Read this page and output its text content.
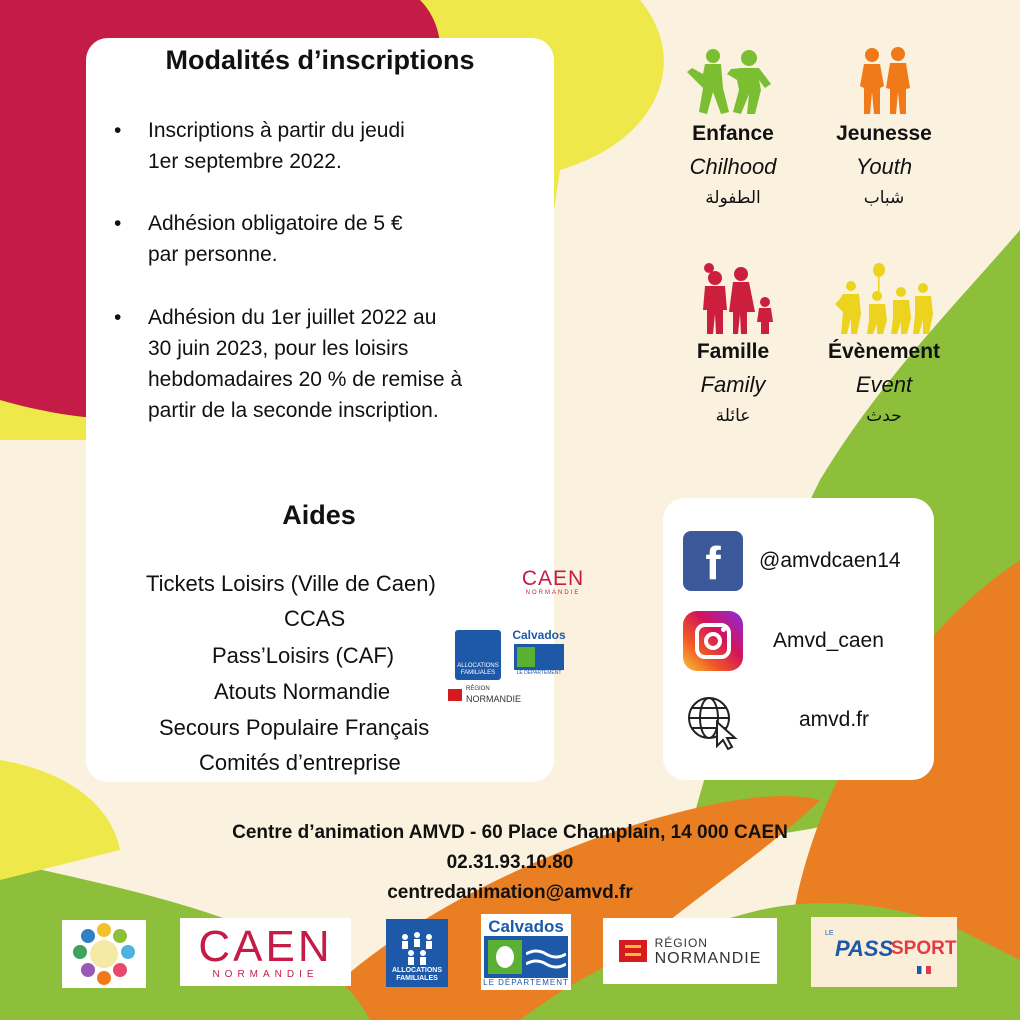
Modalités d’inscriptions
• Inscriptions à partir du jeudi
1er septembre 2022.
• Adhésion obligatoire de 5 €
par personne.
• Adhésion du 1er juillet 2022 au
30 juin 2023, pour les loisirs
hebdomadaires 20 % de remise à
partir de la seconde inscription.
Aides
Tickets Loisirs (Ville de Caen)
CCAS
Pass’Loisirs (CAF)
Atouts Normandie
Secours Populaire Français
Comités d’entreprise
CAEN
NORMANDIE
ALLOCATIONS FAMILIALES
Calvados
LE DÉPARTEMENT
RÉGION
NORMANDIE
Enfance
Chilhood
الطفولة
Jeunesse
Youth
شباب
Famille
Family
عائلة
Évènement
Event
حدث
f	@amvdcaen14
Amvd_caen
amvd.fr
Centre d’animation AMVD - 60 Place Champlain, 14 000 CAEN
02.31.93.10.80
centredanimation@amvd.fr
CAEN
NORMANDIE	ALLOCATIONS FAMILIALES
Calvados
LE DÉPARTEMENT
RÉGION
NORMANDIE
LE
PASS
SPORT
